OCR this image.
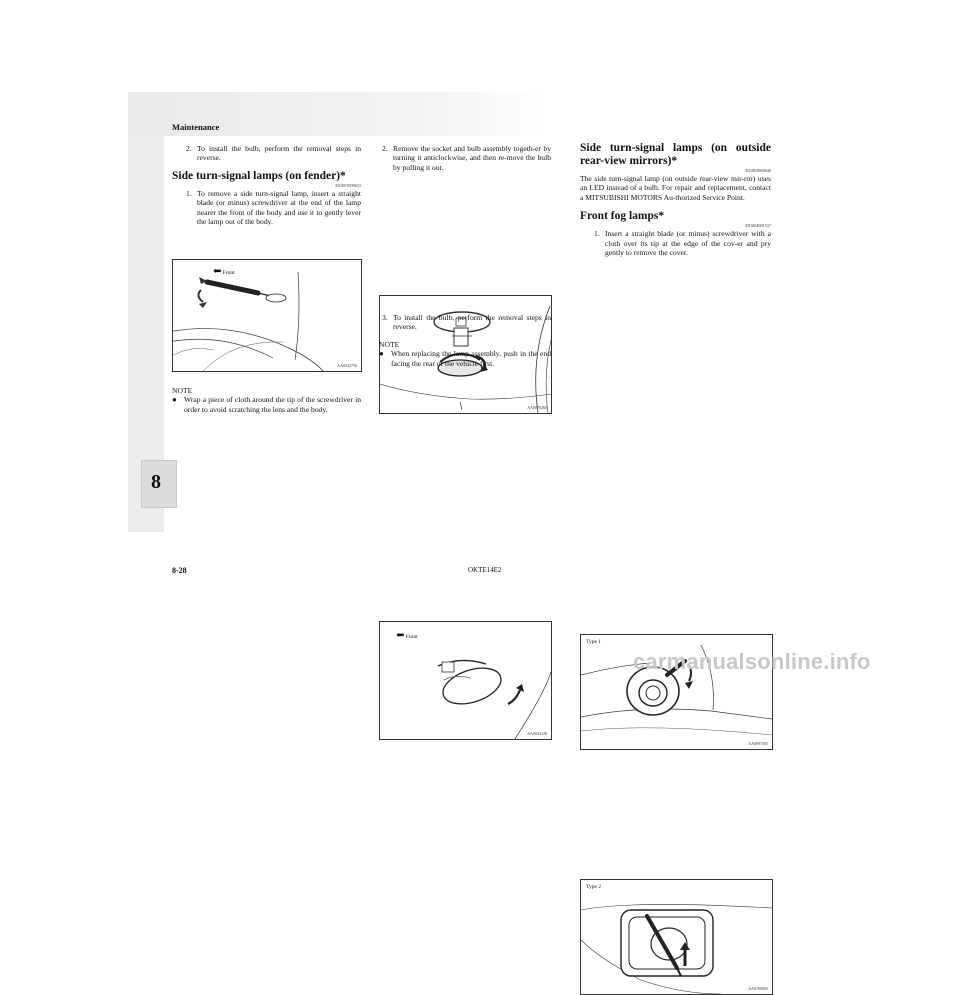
Maintenance
8
2. To install the bulb, perform the removal steps in reverse.
Side turn-signal lamps (on fender)*
E01003900633
1. To remove a side turn-signal lamp, insert a straight blade (or minus) screwdriver at the end of the lamp nearer the front of the body and use it to gently lever the lamp out of the body.
⬅ Front
AA0042756
NOTE
● Wrap a piece of cloth around the tip of the screwdriver in order to avoid scratching the lens and the body.
2. Remove the socket and bulb assembly togeth-er by turning it anticlockwise, and then re-move the bulb by pulling it out.
AA0070260
3. To install the bulb, perform the removal steps in reverse.
NOTE
● When replacing the lamp assembly, push in the end facing the rear of the vehicle first.
⬅ Front
AA0043128
Side turn-signal lamps (on outside rear-view mirrors)*
E01003900646

The side turn-signal lamp (on outside rear-view mir-ror) uses an LED instead of a bulb. For repair and replacement, contact a MITSUBISHI MOTORS Au-thorized Service Point.

Front fog lamps*
E01004001537
1. Insert a straight blade (or minus) screwdriver with a cloth over its tip at the edge of the cov-er and pry gently to remove the cover.
Type 1
AA0097495
Type 2
AA0100083
8-28	OKTE14E2
carmanualsonline.info
